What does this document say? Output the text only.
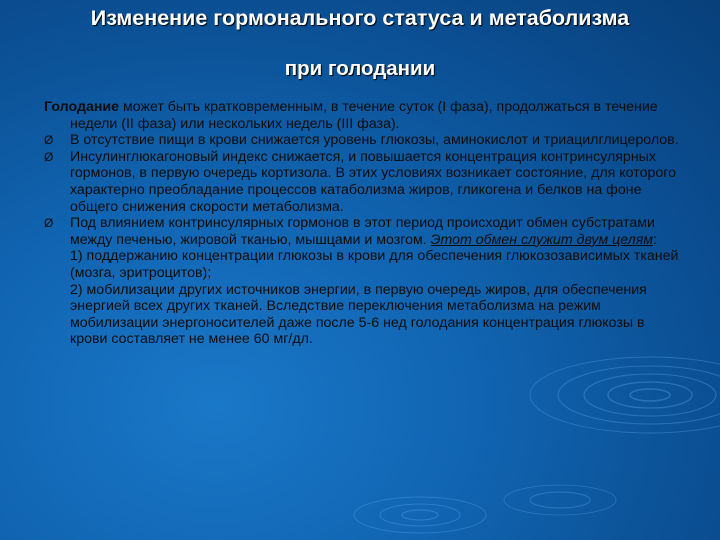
Изменение гормонального статуса и метаболизма
при голодании
Голодание может быть кратковременным, в течение суток (I фаза), продолжаться в течение недели (II фаза) или нескольких недель (III фаза).
Ø В отсутствие пищи в крови снижается уровень глюкозы, аминокислот и триацилглицеролов.
Ø Инсулинглюкагоновый индекс снижается, и повышается концентрация контринсулярных гормонов, в первую очередь кортизола. В этих условиях возникает состояние, для которого характерно преобладание процессов катаболизма жиров, гликогена и белков на фоне общего снижения скорости метаболизма.
Ø Под влиянием контринсулярных гормонов в этот период происходит обмен субстратами между печенью, жировой тканью, мышцами и мозгом. Этот обмен служит двум целям:
1) поддержанию концентрации глюкозы в крови для обеспечения глюкозозависимых тканей (мозга, эритроцитов);
2) мобилизации других источников энергии, в первую очередь жиров, для обеспечения энергией всех других тканей. Вследствие переключения метаболизма на режим мобилизации энергоносителей даже после 5-6 нед голодания концентрация глюкозы в крови составляет не менее 60 мг/дл.
